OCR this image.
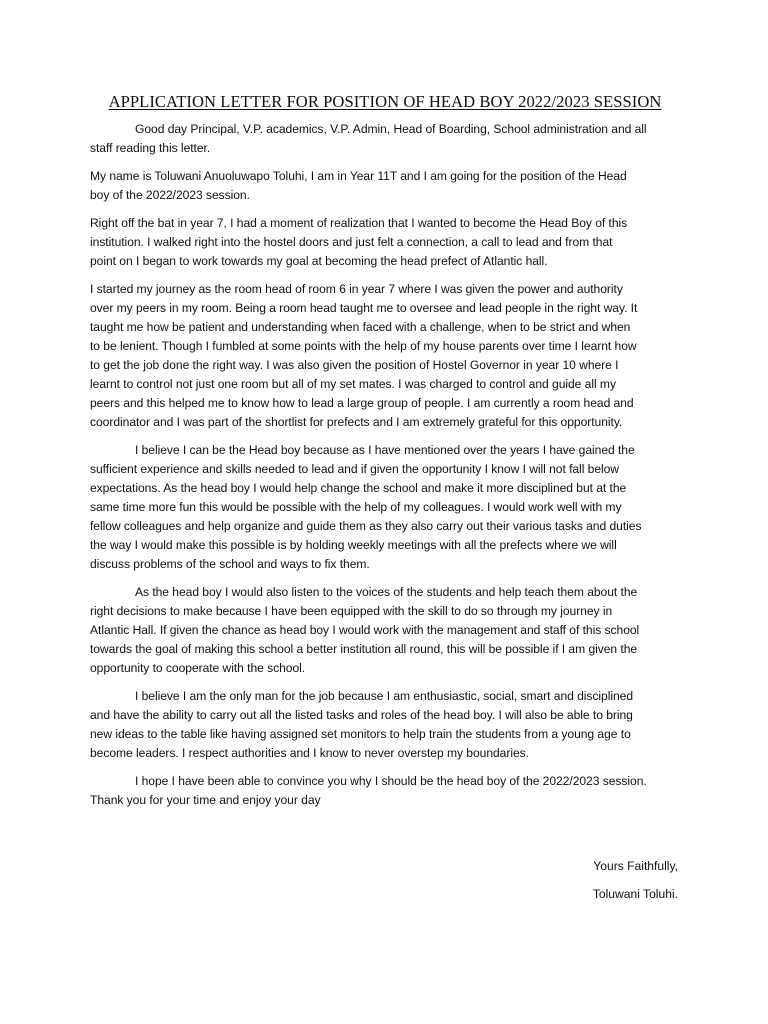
APPLICATION LETTER FOR POSITION OF HEAD BOY 2022/2023 SESSION
Good day Principal, V.P. academics, V.P. Admin, Head of Boarding, School administration and all
staff reading this letter.
My name is Toluwani Anuoluwapo Toluhi, I am in Year 11T and I am going for the position of the Head
boy of the 2022/2023 session.
Right off the bat in year 7, I had a moment of realization that I wanted to become the Head Boy of this
institution. I walked right into the hostel doors and just felt a connection, a call to lead and from that
point on I began to work towards my goal at becoming the head prefect of Atlantic hall.
I started my journey as the room head of room 6 in year 7 where I was given the power and authority
over my peers in my room. Being a room head taught me to oversee and lead people in the right way. It
taught me how be patient and understanding when faced with a challenge, when to be strict and when
to be lenient. Though I fumbled at some points with the help of my house parents over time I learnt how
to get the job done the right way. I was also given the position of Hostel Governor in year 10 where I
learnt to control not just one room but all of my set mates. I was charged to control and guide all my
peers and this helped me to know how to lead a large group of people. I am currently a room head and
coordinator and I was part of the shortlist for prefects and I am extremely grateful for this opportunity.
I believe I can be the Head boy because as I have mentioned over the years I have gained the
sufficient experience and skills needed to lead and if given the opportunity I know I will not fall below
expectations. As the head boy I would help change the school and make it more disciplined but at the
same time more fun this would be possible with the help of my colleagues. I would work well with my
fellow colleagues and help organize and guide them as they also carry out their various tasks and duties
the way I would make this possible is by holding weekly meetings with all the prefects where we will
discuss problems of the school and ways to fix them.
As the head boy I would also listen to the voices of the students and help teach them about the
right decisions to make because I have been equipped with the skill to do so through my journey in
Atlantic Hall. If given the chance as head boy I would work with the management and staff of this school
towards the goal of making this school a better institution all round, this will be possible if I am given the
opportunity to cooperate with the school.
I believe I am the only man for the job because I am enthusiastic, social, smart and disciplined
and have the ability to carry out all the listed tasks and roles of the head boy. I will also be able to bring
new ideas to the table like having assigned set monitors to help train the students from a young age to
become leaders. I respect authorities and I know to never overstep my boundaries.
I hope I have been able to convince you why I should be the head boy of the 2022/2023 session.
Thank you for your time and enjoy your day
Yours Faithfully,
Toluwani Toluhi.
